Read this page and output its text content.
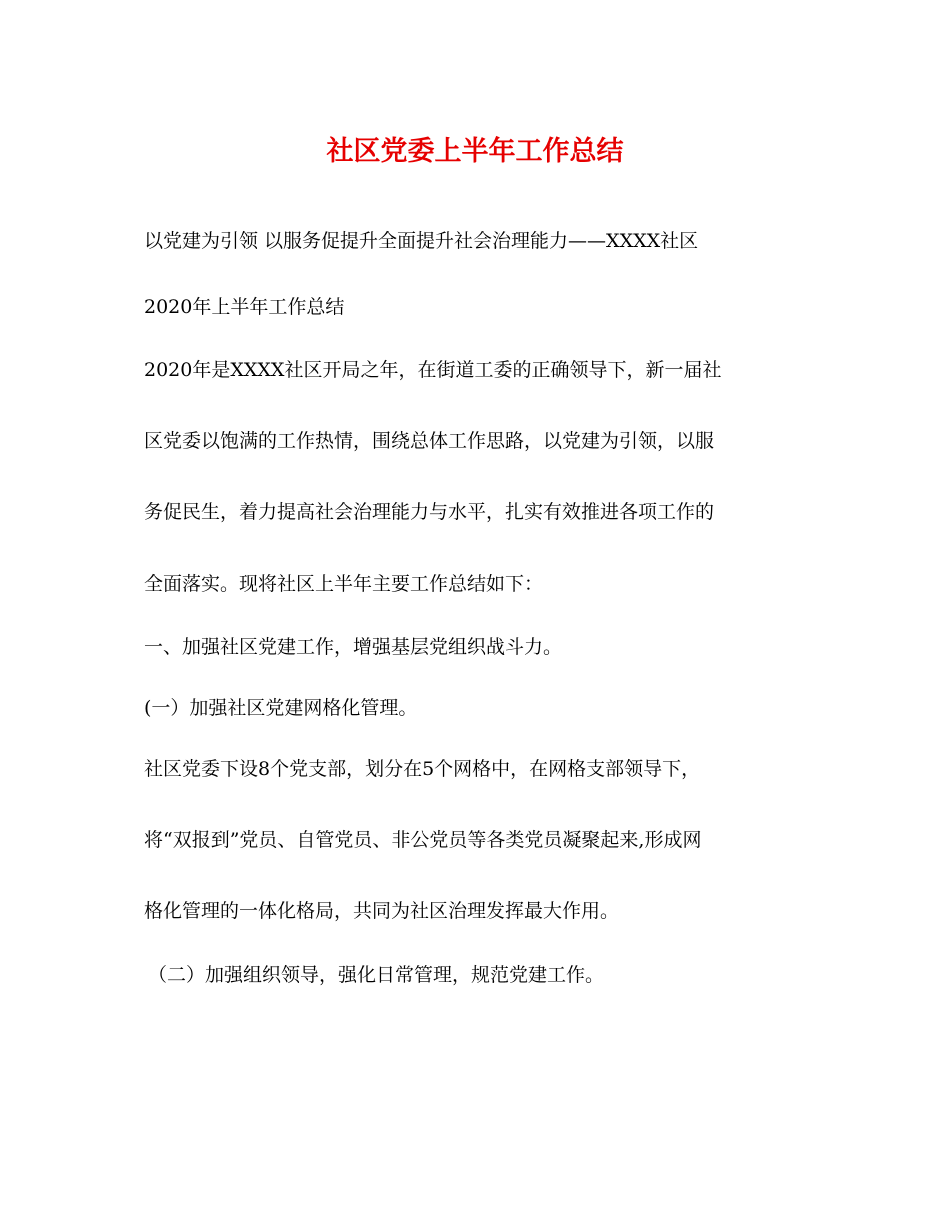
社区党委上半年工作总结
以党建为引领 以服务促提升全面提升社会治理能力——XXXX社区
2020年上半年工作总结
2020年是XXXX社区开局之年，在街道工委的正确领导下，新一届社
区党委以饱满的工作热情，围绕总体工作思路，以党建为引领，以服
务促民生，着力提高社会治理能力与水平，扎实有效推进各项工作的
全面落实。现将社区上半年主要工作总结如下：
一、加强社区党建工作，增强基层党组织战斗力。
(一）加强社区党建网格化管理。
社区党委下设8个党支部，划分在5个网格中，在网格支部领导下，
将“双报到”党员、自管党员、非公党员等各类党员凝聚起来,形成网
格化管理的一体化格局，共同为社区治理发挥最大作用。
（二）加强组织领导，强化日常管理，规范党建工作。
